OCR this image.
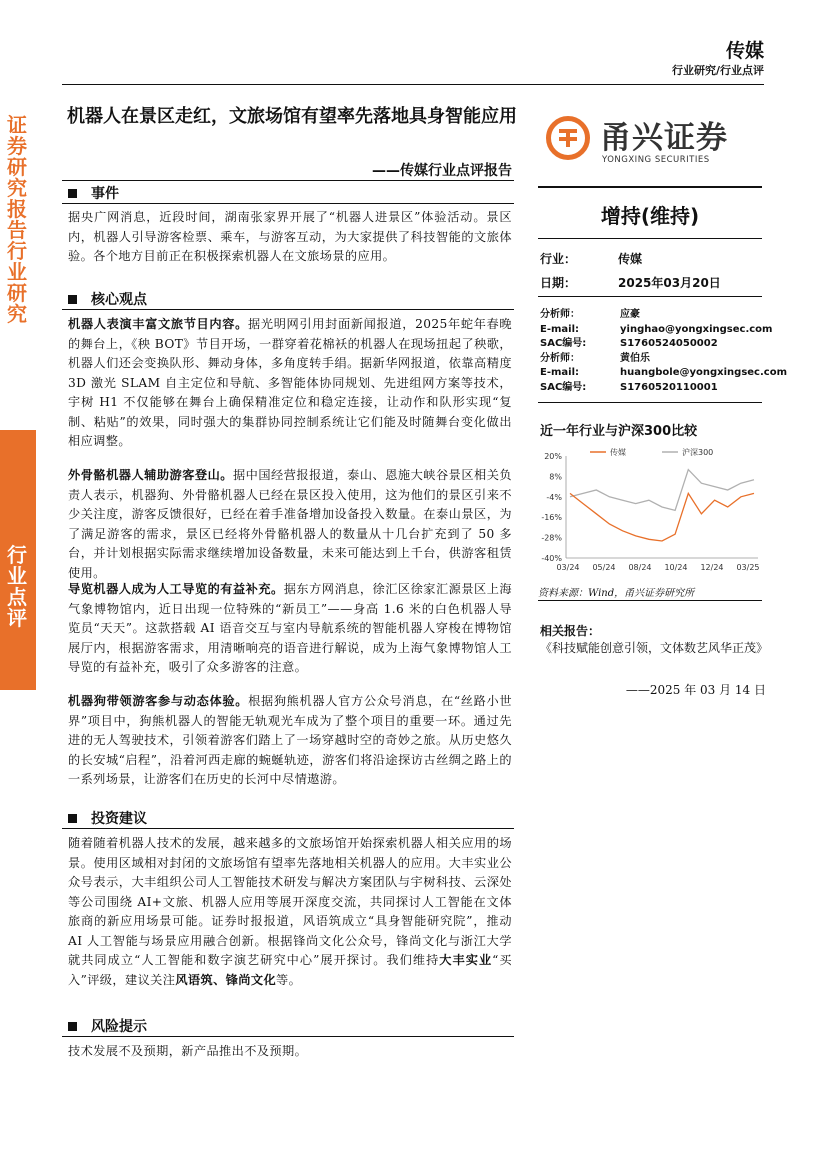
证券研究报告 行业研究
行业点评
传媒
行业研究/行业点评
机器人在景区走红，文旅场馆有望率先落地具身智能应用
——传媒行业点评报告
甬兴证券
YONGXING SECURITIES
增持(维持)
行业：	传媒
日期：	2025年03月20日
分析师：	应豪
E-mail:	yinghao@yongxingsec.com
SAC编号:	S1760524050002
分析师：	黄伯乐
E-mail:	huangbole@yongxingsec.com
SAC编号:	S1760520110001
近一年行业与沪深300比较
20%
8%
-4%
-16%
-28%
-40%
03/24 05/24 08/24 10/24 12/24 03/25
传媒	沪深300
资料来源：Wind，甬兴证券研究所
相关报告：
《科技赋能创意引领，文体数艺风华正茂》
——2025 年 03 月 14 日
事件
据央广网消息，近段时间，湖南张家界开展了“机器人进景区”体验活动。景区内，机器人引导游客检票、乘车，与游客互动，为大家提供了科技智能的文旅体验。各个地方目前正在积极探索机器人在文旅场景的应用。
核心观点
机器人表演丰富文旅节目内容。据光明网引用封面新闻报道，2025年蛇年春晚的舞台上，《秧 BOT》节目开场，一群穿着花棉袄的机器人在现场扭起了秧歌，机器人们还会变换队形、舞动身体，多角度转手绢。据新华网报道，依靠高精度 3D 激光 SLAM 自主定位和导航、多智能体协同规划、先进组网方案等技术，宇树 H1 不仅能够在舞台上确保精准定位和稳定连接，让动作和队形实现“复制、粘贴”的效果，同时强大的集群协同控制系统让它们能及时随舞台变化做出相应调整。
外骨骼机器人辅助游客登山。据中国经营报报道，泰山、恩施大峡谷景区相关负责人表示，机器狗、外骨骼机器人已经在景区投入使用，这为他们的景区引来不少关注度，游客反馈很好，已经在着手准备增加设备投入数量。在泰山景区，为了满足游客的需求，景区已经将外骨骼机器人的数量从十几台扩充到了 50 多台，并计划根据实际需求继续增加设备数量，未来可能达到上千台，供游客租赁使用。
导览机器人成为人工导览的有益补充。据东方网消息，徐汇区徐家汇源景区上海气象博物馆内，近日出现一位特殊的“新员工”——身高 1.6 米的白色机器人导览员“天天”。这款搭载 AI 语音交互与室内导航系统的智能机器人穿梭在博物馆展厅内，根据游客需求，用清晰响亮的语音进行解说，成为上海气象博物馆人工导览的有益补充，吸引了众多游客的注意。
机器狗带领游客参与动态体验。根据狗熊机器人官方公众号消息，在“丝路小世界”项目中，狗熊机器人的智能无轨观光车成为了整个项目的重要一环。通过先进的无人驾驶技术，引领着游客们踏上了一场穿越时空的奇妙之旅。从历史悠久的长安城“启程”，沿着河西走廊的蜿蜒轨迹，游客们将沿途探访古丝绸之路上的一系列场景，让游客们在历史的长河中尽情遨游。
投资建议
随着随着机器人技术的发展，越来越多的文旅场馆开始探索机器人相关应用的场景。使用区域相对封闭的文旅场馆有望率先落地相关机器人的应用。大丰实业公众号表示，大丰组织公司人工智能技术研发与解决方案团队与宇树科技、云深处等公司围绕 AI+文旅、机器人应用等展开深度交流，共同探讨人工智能在文体旅商的新应用场景可能。证券时报报道，风语筑成立“具身智能研究院”，推动 AI 人工智能与场景应用融合创新。根据锋尚文化公众号，锋尚文化与浙江大学就共同成立“人工智能和数字演艺研究中心”展开探讨。我们维持大丰实业“买入”评级，建议关注风语筑、锋尚文化等。
风险提示
技术发展不及预期，新产品推出不及预期。
